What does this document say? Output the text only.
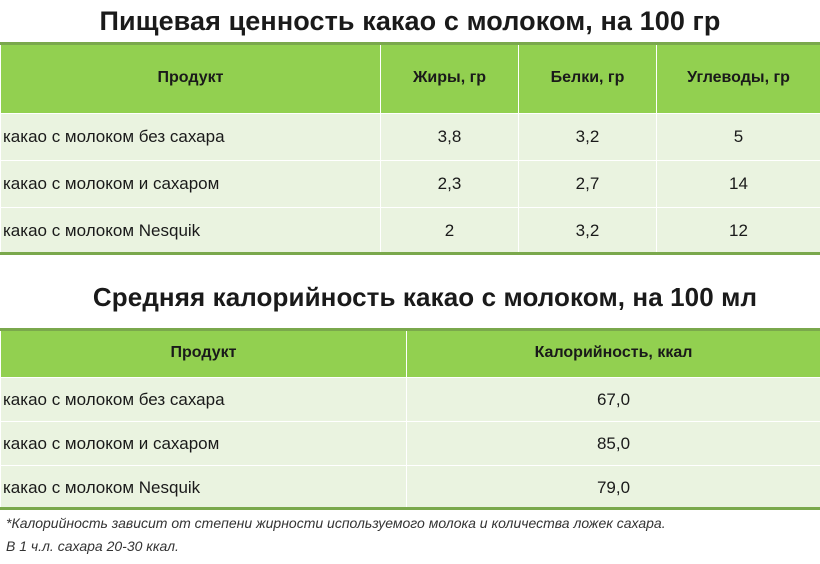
Пищевая ценность какао с молоком, на 100 гр
Продукт	Жиры, гр	Белки, гр	Углеводы, гр
какао с молоком без сахара	3,8	3,2	5
какао с молоком и сахаром	2,3	2,7	14
какао с молоком Nesquik	2	3,2	12
Средняя калорийность какао с молоком, на 100 мл
Продукт	Калорийность, ккал
какао с молоком без сахара	67,0
какао с молоком и сахаром	85,0
какао с молоком Nesquik	79,0
*Калорийность зависит от степени жирности используемого молока и количества ложек сахара.
В 1 ч.л. сахара 20-30 ккал.
